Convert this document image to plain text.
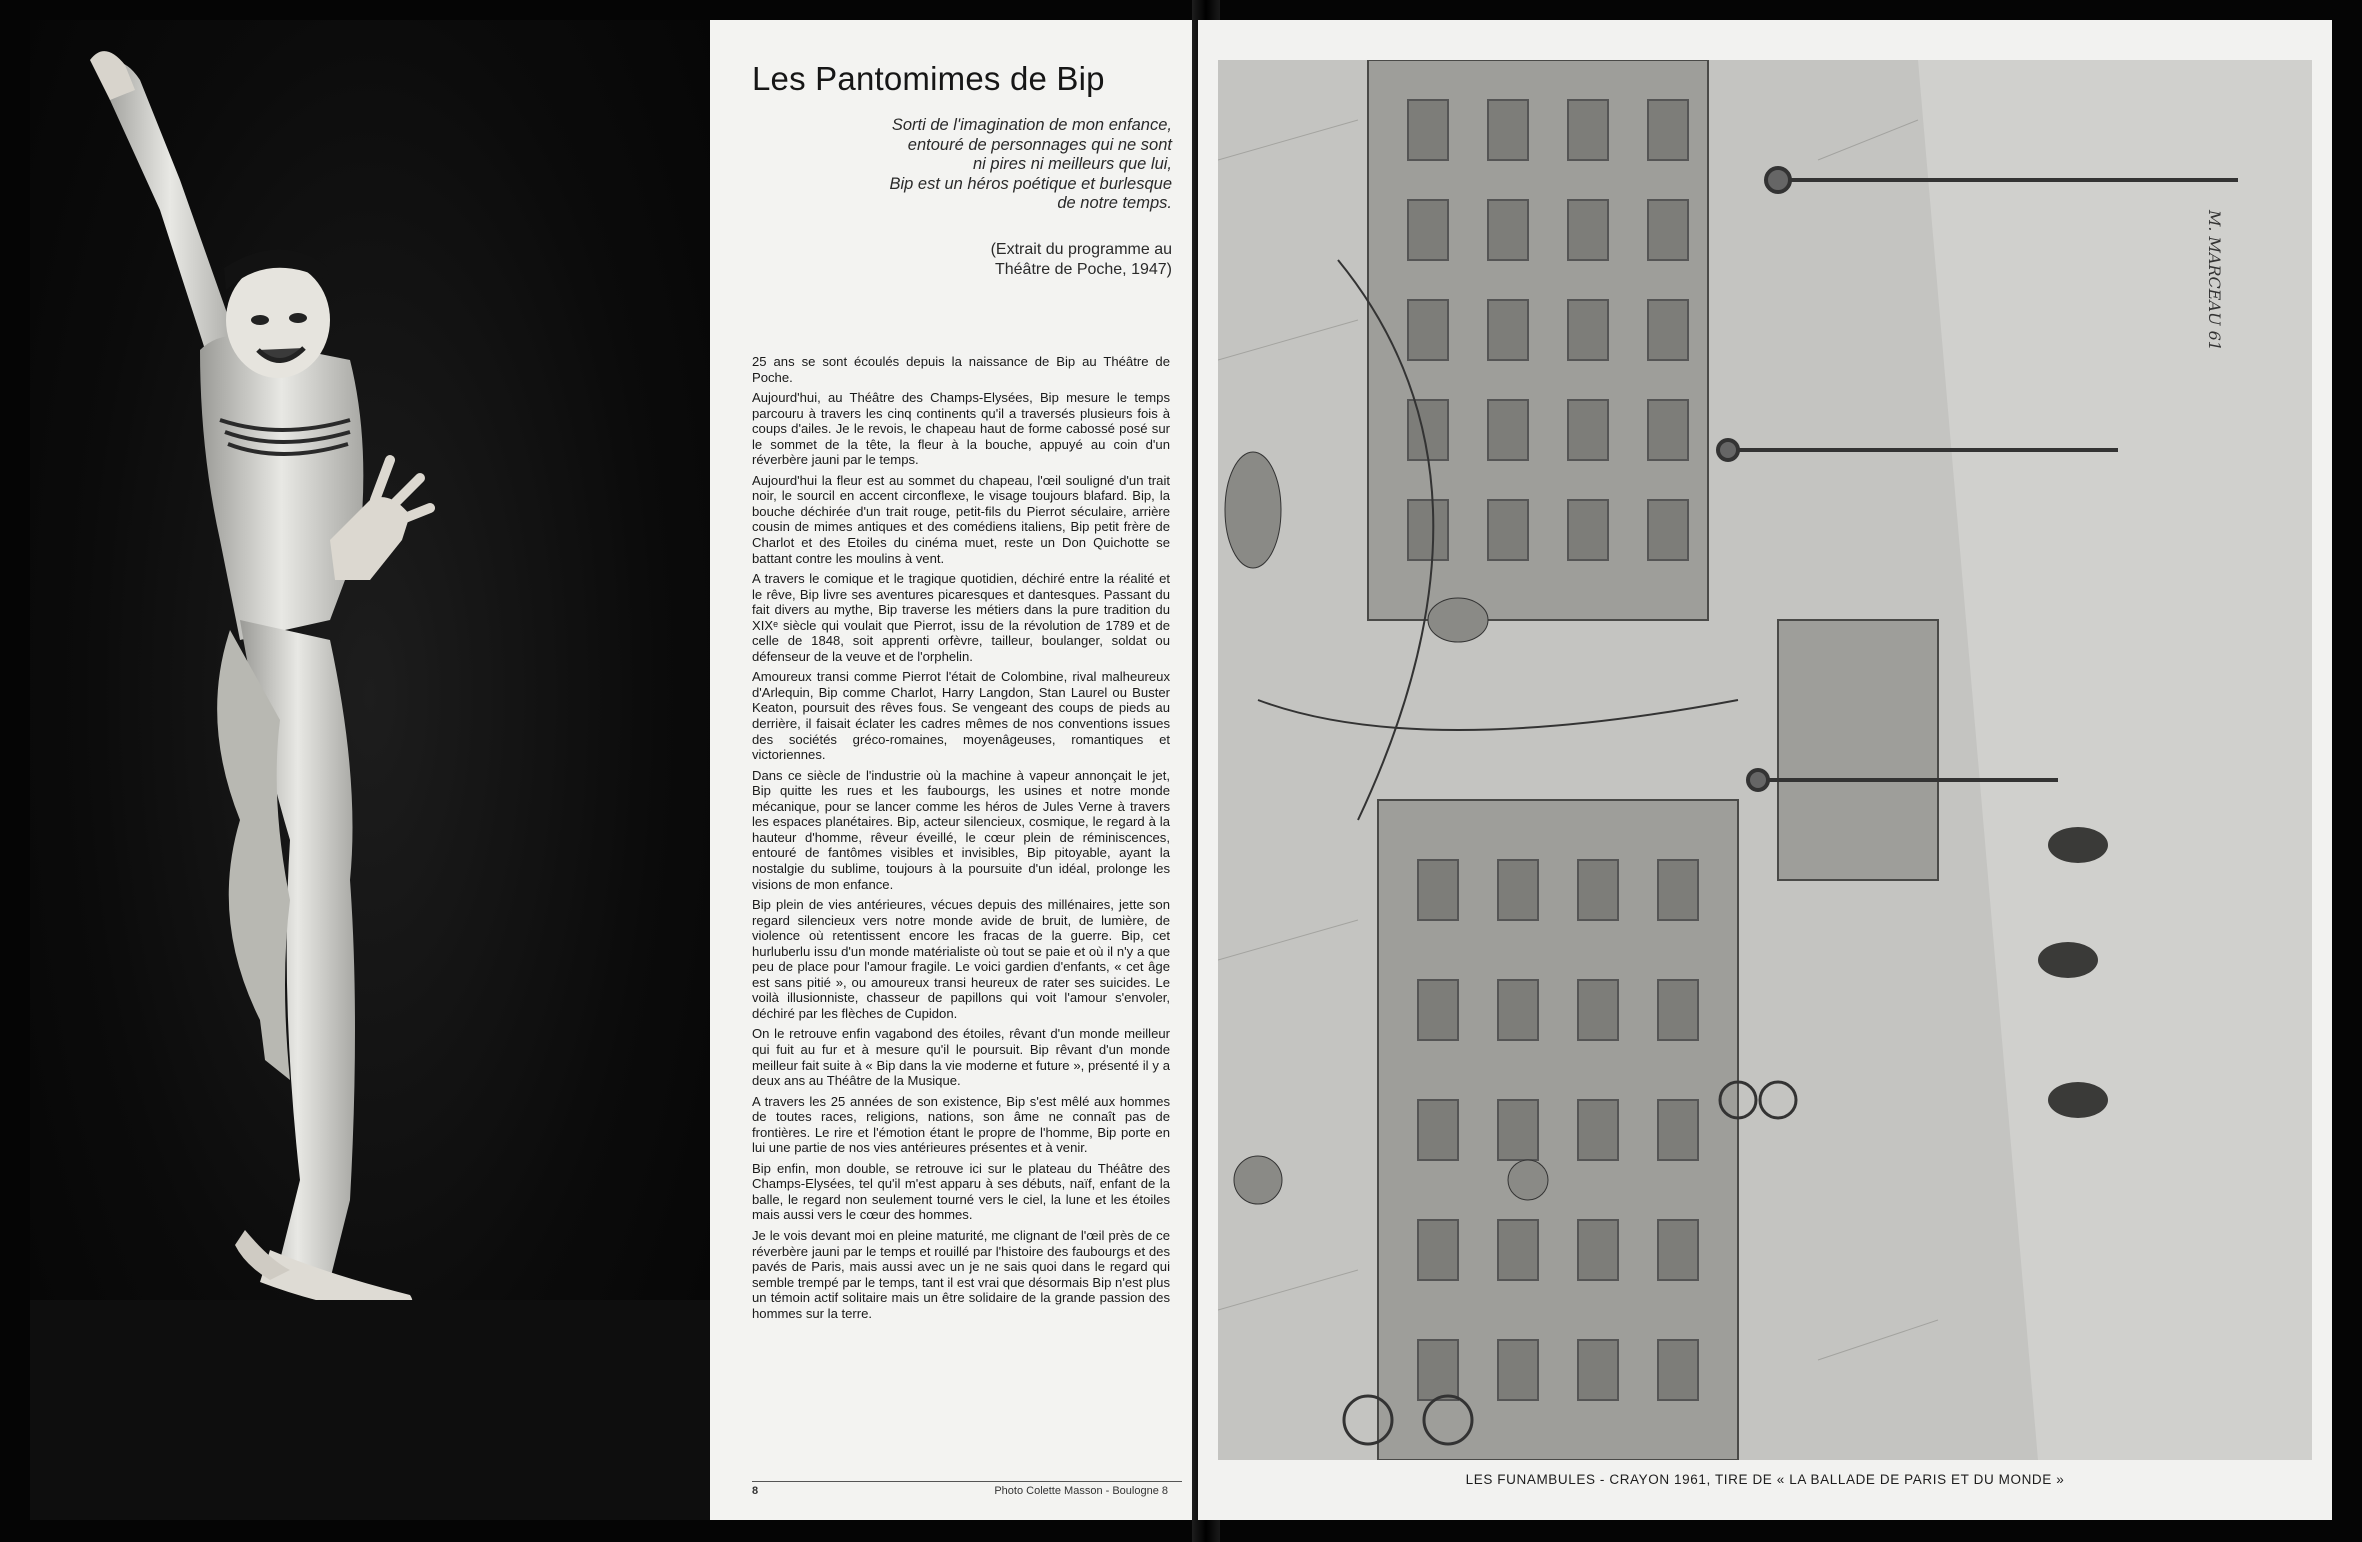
Les Pantomimes de Bip
Sorti de l'imagination de mon enfance,
entouré de personnages qui ne sont
ni pires ni meilleurs que lui,
Bip est un héros poétique et burlesque
de notre temps.
(Extrait du programme au
Théâtre de Poche, 1947)

25 ans se sont écoulés depuis la naissance de Bip au Théâtre de Poche.

Aujourd'hui, au Théâtre des Champs-Elysées, Bip mesure le temps parcouru à travers les cinq continents qu'il a traversés plusieurs fois à coups d'ailes. Je le revois, le chapeau haut de forme cabossé posé sur le sommet de la tête, la fleur à la bouche, appuyé au coin d'un réverbère jauni par le temps.

Aujourd'hui la fleur est au sommet du chapeau, l'œil souligné d'un trait noir, le sourcil en accent circonflexe, le visage toujours blafard. Bip, la bouche déchirée d'un trait rouge, petit-fils du Pierrot séculaire, arrière cousin de mimes antiques et des comédiens italiens, Bip petit frère de Charlot et des Etoiles du cinéma muet, reste un Don Quichotte se battant contre les moulins à vent.

A travers le comique et le tragique quotidien, déchiré entre la réalité et le rêve, Bip livre ses aventures picaresques et dantesques. Passant du fait divers au mythe, Bip traverse les métiers dans la pure tradition du XIXᵉ siècle qui voulait que Pierrot, issu de la révolution de 1789 et de celle de 1848, soit apprenti orfèvre, tailleur, boulanger, soldat ou défenseur de la veuve et de l'orphelin.

Amoureux transi comme Pierrot l'était de Colombine, rival malheureux d'Arlequin, Bip comme Charlot, Harry Langdon, Stan Laurel ou Buster Keaton, poursuit des rêves fous. Se vengeant des coups de pieds au derrière, il faisait éclater les cadres mêmes de nos conventions issues des sociétés gréco-romaines, moyenâgeuses, romantiques et victoriennes.

Dans ce siècle de l'industrie où la machine à vapeur annonçait le jet, Bip quitte les rues et les faubourgs, les usines et notre monde mécanique, pour se lancer comme les héros de Jules Verne à travers les espaces planétaires. Bip, acteur silencieux, cosmique, le regard à la hauteur d'homme, rêveur éveillé, le cœur plein de réminiscences, entouré de fantômes visibles et invisibles, Bip pitoyable, ayant la nostalgie du sublime, toujours à la poursuite d'un idéal, prolonge les visions de mon enfance.

Bip plein de vies antérieures, vécues depuis des millénaires, jette son regard silencieux vers notre monde avide de bruit, de lumière, de violence où retentissent encore les fracas de la guerre. Bip, cet hurluberlu issu d'un monde matérialiste où tout se paie et où il n'y a que peu de place pour l'amour fragile. Le voici gardien d'enfants, « cet âge est sans pitié », ou amoureux transi heureux de rater ses suicides. Le voilà illusionniste, chasseur de papillons qui voit l'amour s'envoler, déchiré par les flèches de Cupidon.

On le retrouve enfin vagabond des étoiles, rêvant d'un monde meilleur qui fuit au fur et à mesure qu'il le poursuit. Bip rêvant d'un monde meilleur fait suite à « Bip dans la vie moderne et future », présenté il y a deux ans au Théâtre de la Musique.

A travers les 25 années de son existence, Bip s'est mêlé aux hommes de toutes races, religions, nations, son âme ne connaît pas de frontières. Le rire et l'émotion étant le propre de l'homme, Bip porte en lui une partie de nos vies antérieures présentes et à venir.

Bip enfin, mon double, se retrouve ici sur le plateau du Théâtre des Champs-Elysées, tel qu'il m'est apparu à ses débuts, naïf, enfant de la balle, le regard non seulement tourné vers le ciel, la lune et les étoiles mais aussi vers le cœur des hommes.

Je le vois devant moi en pleine maturité, me clignant de l'œil près de ce réverbère jauni par le temps et rouillé par l'histoire des faubourgs et des pavés de Paris, mais aussi avec un je ne sais quoi dans le regard qui semble trempé par le temps, tant il est vrai que désormais Bip n'est plus un témoin actif solitaire mais un être solidaire de la grande passion des hommes sur la terre.

8	Photo Colette Masson - Boulogne 8
M. MARCEAU 61
LES FUNAMBULES - CRAYON 1961, TIRE DE « LA BALLADE DE PARIS ET DU MONDE »
